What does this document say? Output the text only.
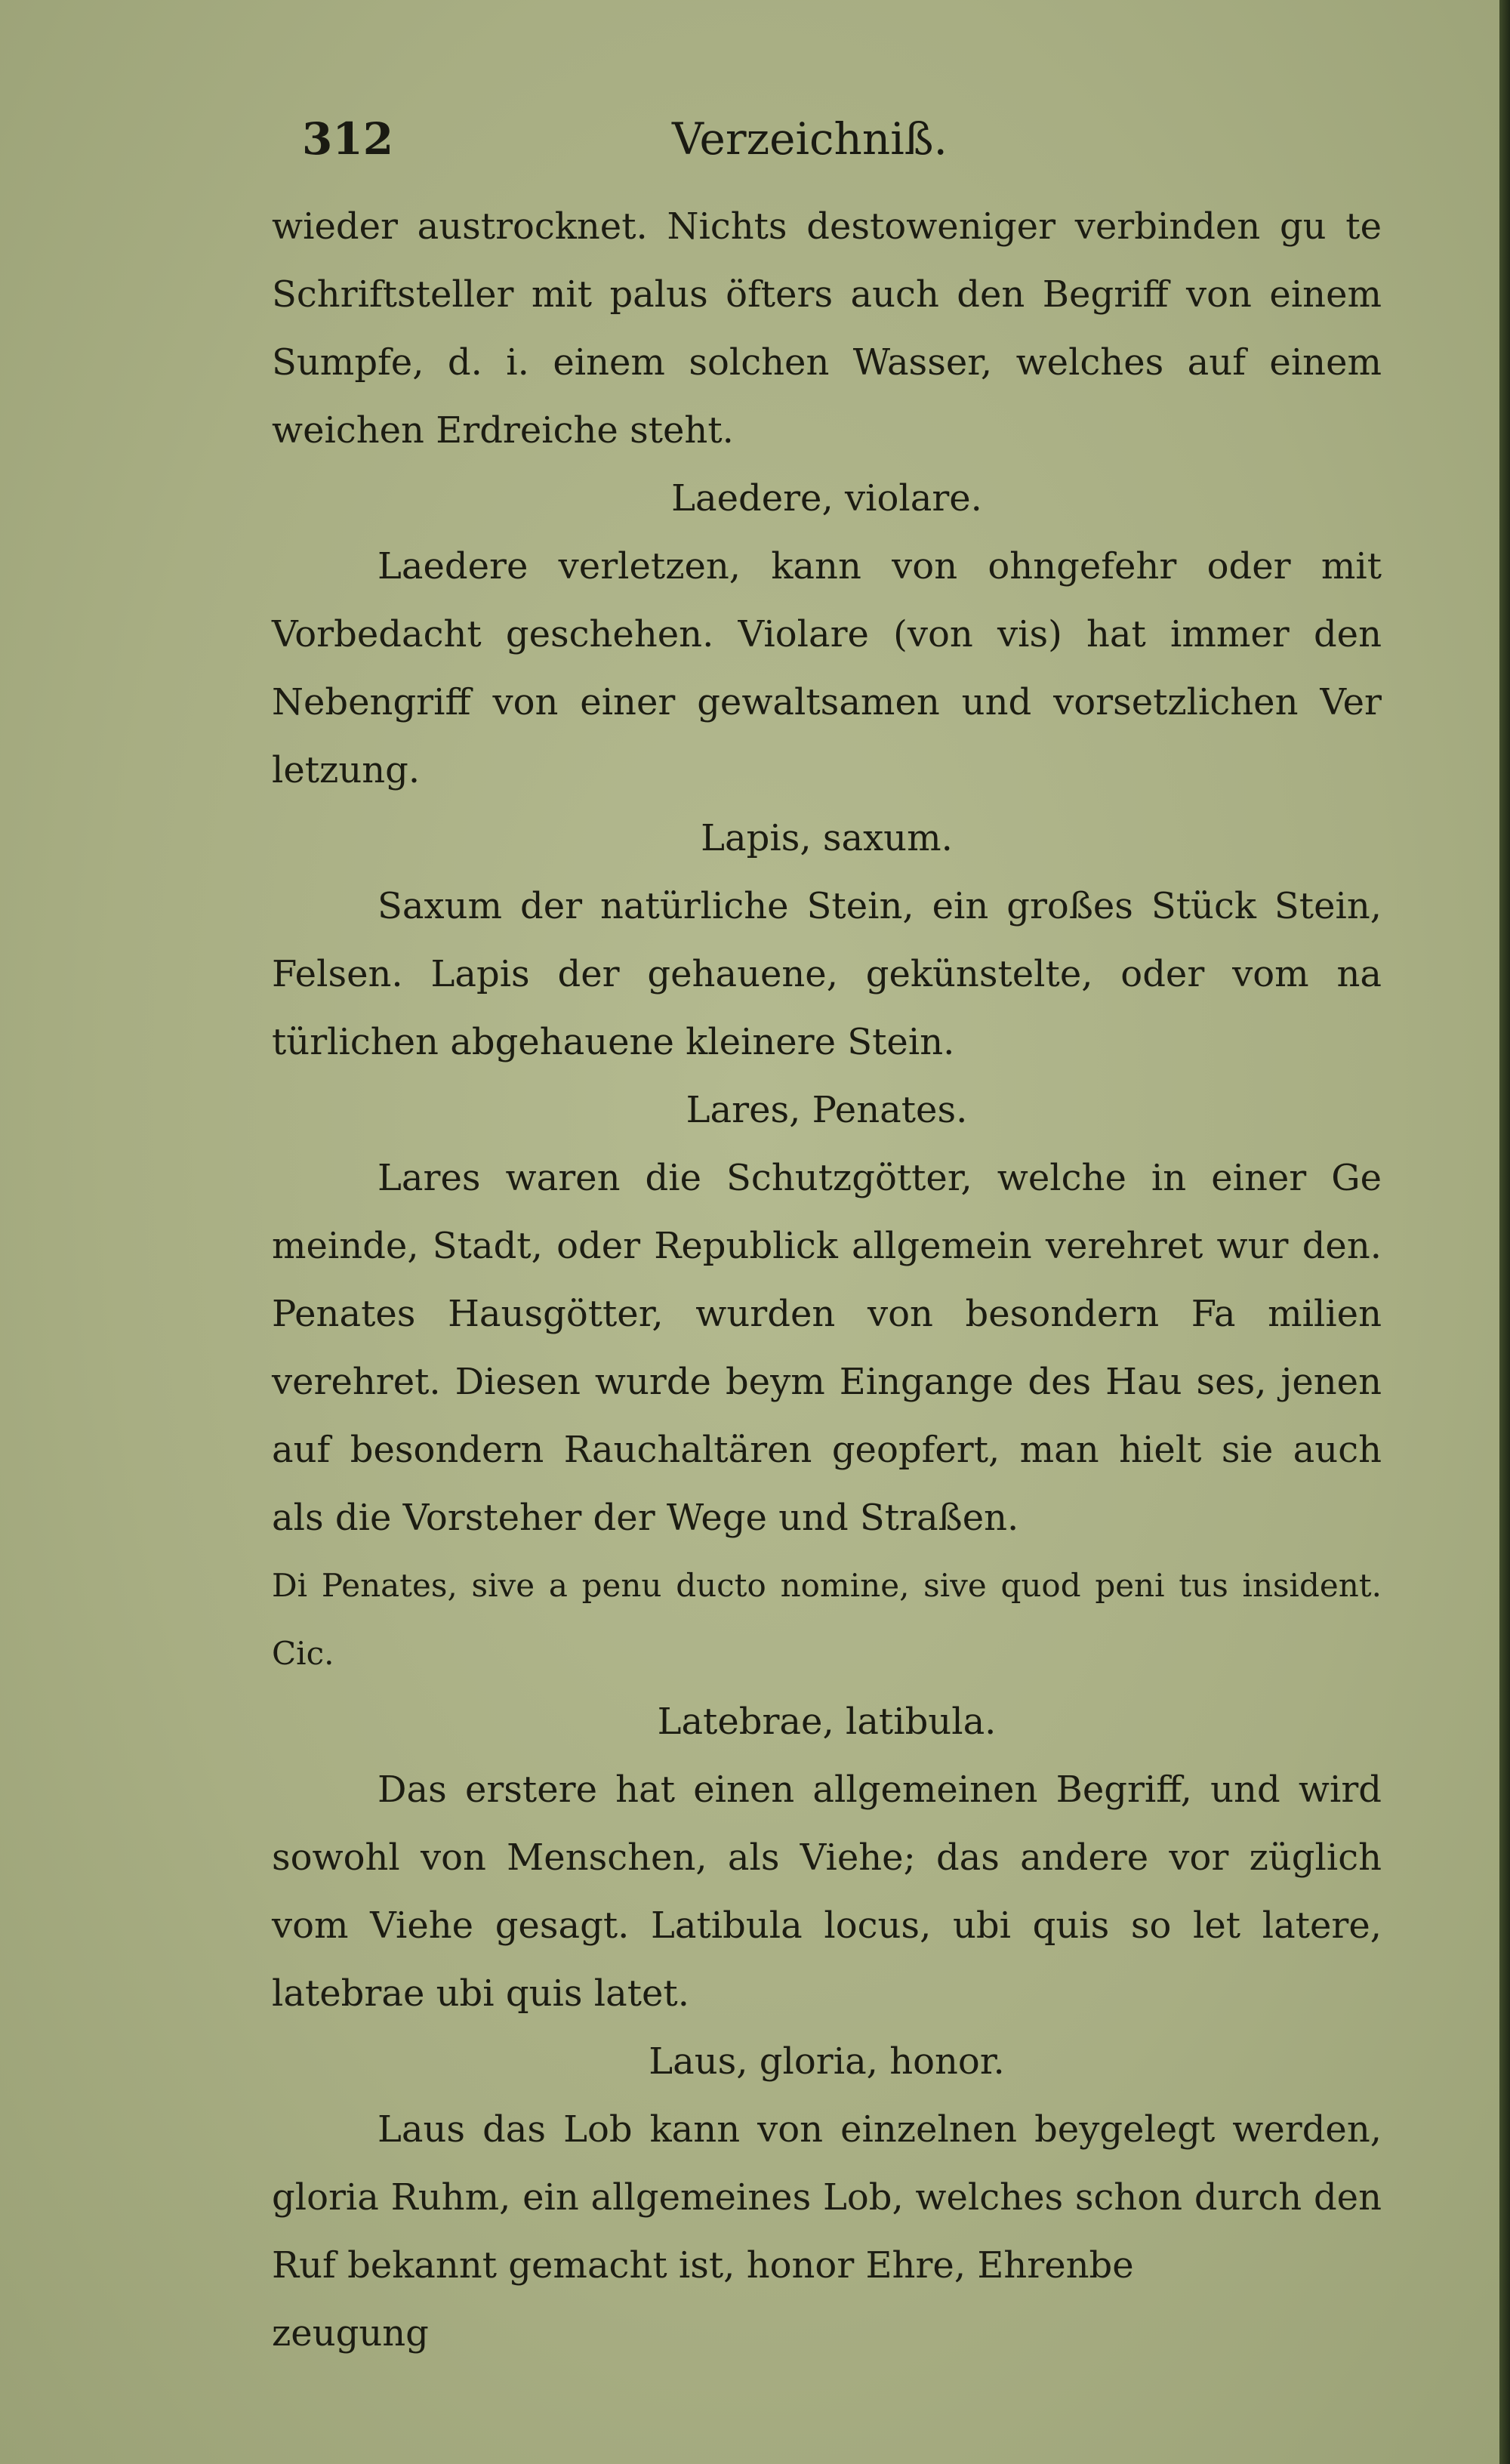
312	Verzeichniß.

wieder austrocknet. Nichts destoweniger verbinden gu te Schriftsteller mit palus öfters auch den Begriff von einem Sumpfe, d. i. einem solchen Wasser, welches auf einem weichen Erdreiche steht.

Laedere, violare.

Laedere verletzen, kann von ohngefehr oder mit Vorbedacht geschehen. Violare (von vis) hat immer den Nebengriff von einer gewaltsamen und vorsetzlichen Ver letzung.

Lapis, saxum.

Saxum der natürliche Stein, ein großes Stück Stein, Felsen. Lapis der gehauene, gekünstelte, oder vom na türlichen abgehauene kleinere Stein.

Lares, Penates.

Lares waren die Schutzgötter, welche in einer Ge meinde, Stadt, oder Republick allgemein verehret wur den. Penates Hausgötter, wurden von besondern Fa milien verehret. Diesen wurde beym Eingange des Hau ses, jenen auf besondern Rauchaltären geopfert, man hielt sie auch als die Vorsteher der Wege und Straßen.

Di Penates, sive a penu ducto nomine, sive quod peni tus insident. Cic.

Latebrae, latibula.

Das erstere hat einen allgemeinen Begriff, und wird sowohl von Menschen, als Viehe; das andere vor züglich vom Viehe gesagt. Latibula locus, ubi quis so let latere, latebrae ubi quis latet.

Laus, gloria, honor.

Laus das Lob kann von einzelnen beygelegt werden, gloria Ruhm, ein allgemeines Lob, welches schon durch den Ruf bekannt gemacht ist, honor Ehre, Ehrenbe

zeugung
